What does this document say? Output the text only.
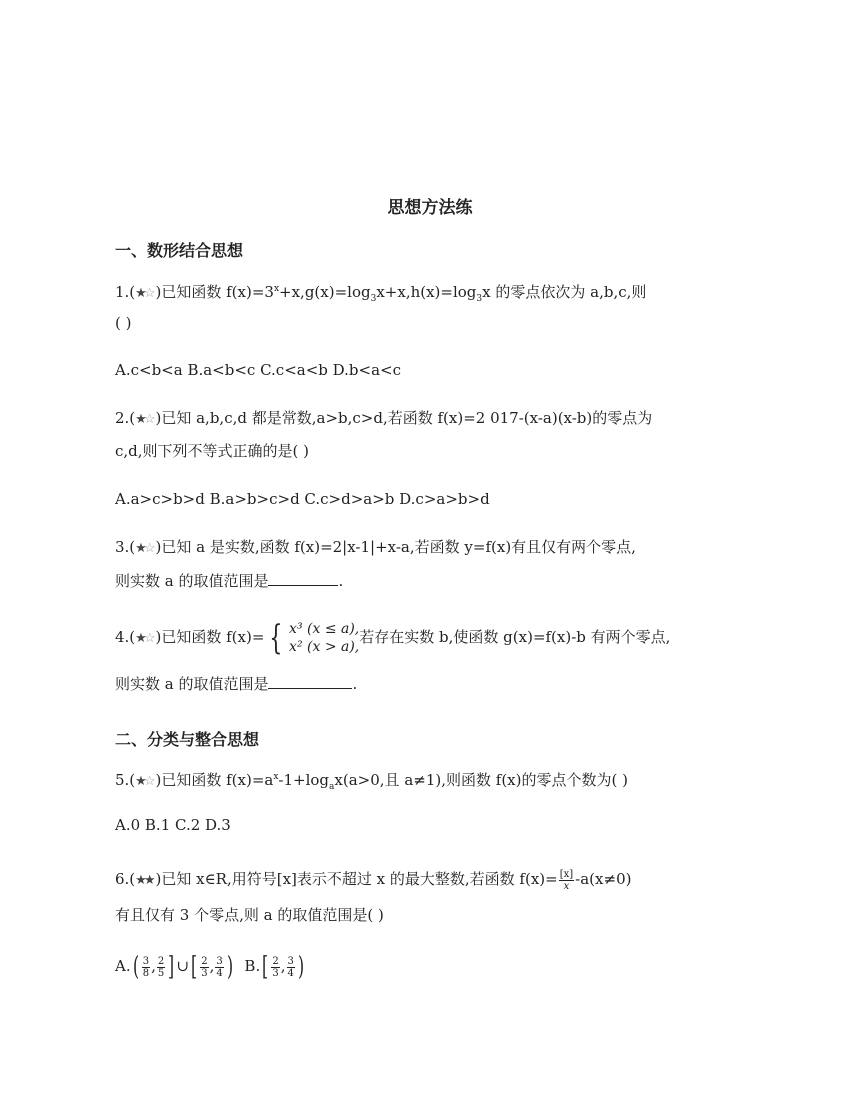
思想方法练
一、数形结合思想
1.(★☆ )已知函数 $f(x)=3^x+x,g(x)=\log_3x+x,h(x)=\log_3x$ 的零点依次为 a,b,c,则
( )
A.c<b<a B.a<b<c C.c<a<b D.b<a<c
2.(★☆ )已知 a,b,c,d 都是常数,a>b,c>d,若函数 f(x)=2 017-(x-a)(x-b)的零点为
c,d,则下列不等式正确的是( )
A.a>c>b>d B.a>b>c>d C.c>d>a>b D.c>a>b>d
3.(★☆ )已知 a 是实数,函数 f(x)=2|x-1|+x-a,若函数 y=f(x)有且仅有两个零点,
则实数 a 的取值范围是	.
4.(★☆ )已知函数 f(x)= { x³ (x ≤ a),
x² (x > a),
若存在实数 b,使函数 g(x)=f(x)-b 有两个零点,
则实数 a 的取值范围是	.
二、分类与整合思想
5.(★☆ )已知函数 $f(x)=a^x-1+\log_ax(a>0$,且 a≠1),则函数 f(x)的零点个数为( )
A.0 B.1 C.2 D.3
6.(★★ )已知 x∈R,用符号[x]表示不超过 x 的最大整数,若函数 $f(x)= \frac{[x]}{x} -a(x\ne 0)$
有且仅有 3 个零点,则 a 的取值范围是( )
$A.( \frac{3}{8}$ , $\frac{2}{5}$ ] ∪[ $\frac{2}{3}$ , $\frac{3}{4}$ ) $B.[ \frac{2}{3}$ , $\frac{3}{4}$ )
